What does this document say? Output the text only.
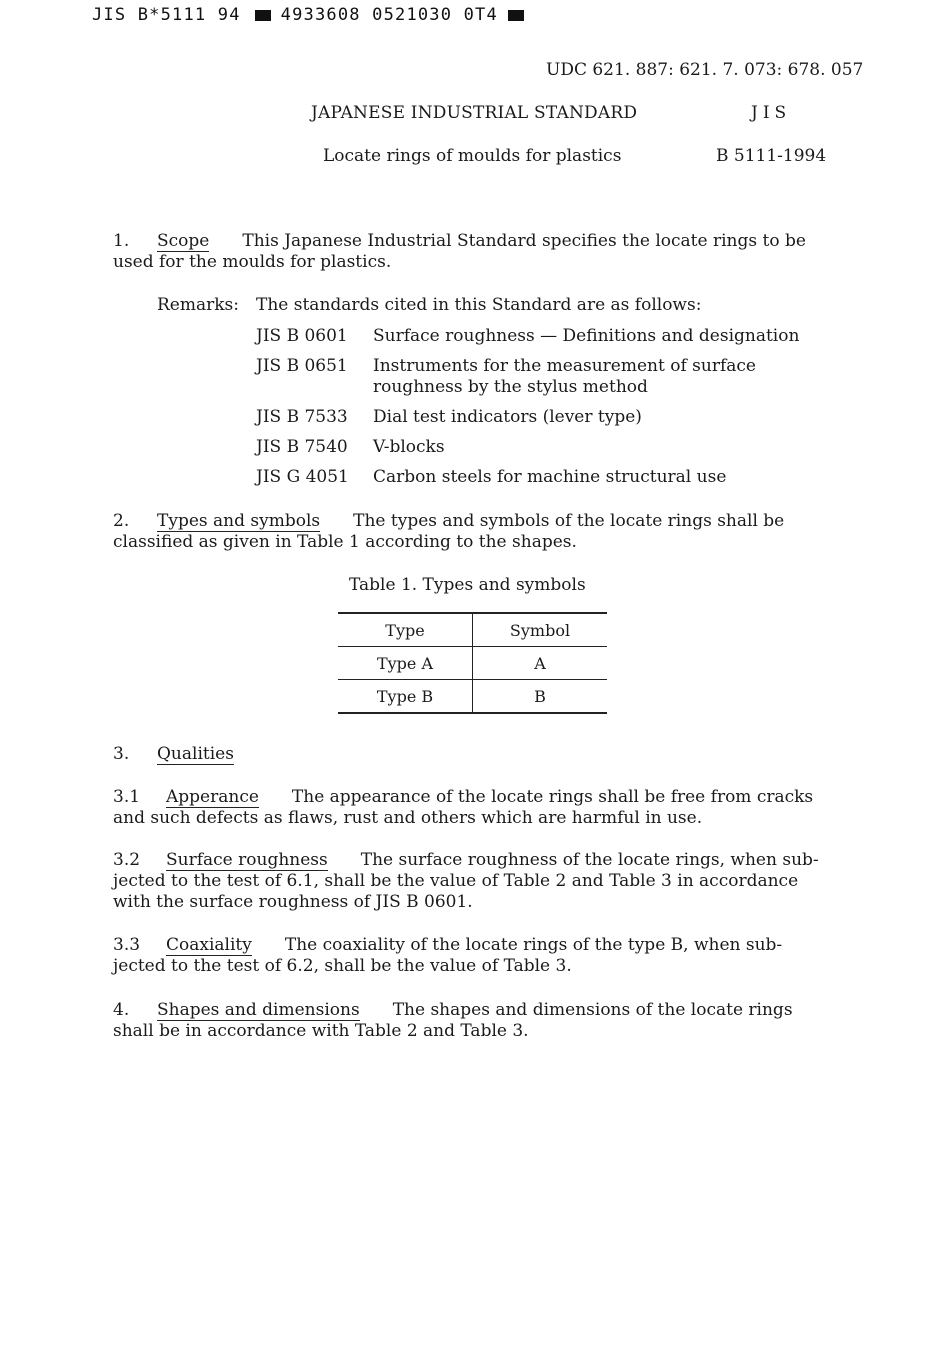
JIS B*5111 94 4933608 0521030 0T4
UDC 621. 887: 621. 7. 073: 678. 057
JAPANESE INDUSTRIAL STANDARD	JIS
Locate rings of moulds for plastics	B 5111-1994
1. Scope This Japanese Industrial Standard specifies the locate rings to be used for the moulds for plastics.
Remarks: The standards cited in this Standard are as follows:
JIS B 0601	Surface roughness — Definitions and designation
JIS B 0651	Instruments for the measurement of surface roughness by the stylus method
JIS B 7533	Dial test indicators (lever type)
JIS B 7540	V-blocks
JIS G 4051	Carbon steels for machine structural use
2. Types and symbols The types and symbols of the locate rings shall be classified as given in Table 1 according to the shapes.
Table 1. Types and symbols
Type	Symbol
Type A	A
Type B	B
3. Qualities
3.1 Apperance The appearance of the locate rings shall be free from cracks and such defects as flaws, rust and others which are harmful in use.
3.2 Surface roughness The surface roughness of the locate rings, when sub- jected to the test of 6.1, shall be the value of Table 2 and Table 3 in accordance with the surface roughness of JIS B 0601.
3.3 Coaxiality The coaxiality of the locate rings of the type B, when sub- jected to the test of 6.2, shall be the value of Table 3.
4. Shapes and dimensions The shapes and dimensions of the locate rings shall be in accordance with Table 2 and Table 3.
